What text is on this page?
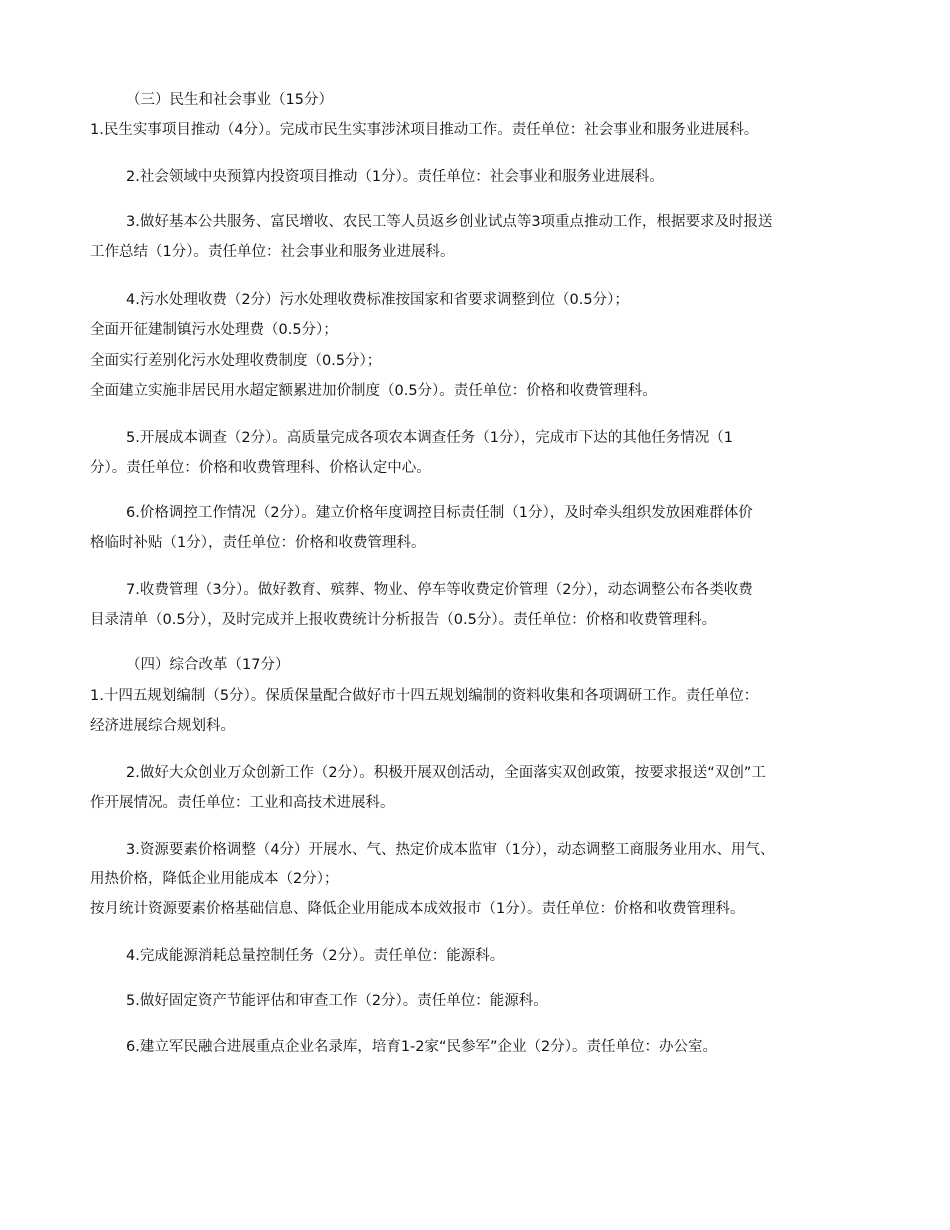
（三）民生和社会事业（15分）
1.民生实事项目推动（4分）。完成市民生实事涉沭项目推动工作。责任单位：社会事业和服务业进展科。
2.社会领域中央预算内投资项目推动（1分）。责任单位：社会事业和服务业进展科。
3.做好基本公共服务、富民增收、农民工等人员返乡创业试点等3项重点推动工作，根据要求及时报送
工作总结（1分）。责任单位：社会事业和服务业进展科。
4.污水处理收费（2分）污水处理收费标准按国家和省要求调整到位（0.5分）；
全面开征建制镇污水处理费（0.5分）；
全面实行差别化污水处理收费制度（0.5分）；
全面建立实施非居民用水超定额累进加价制度（0.5分）。责任单位：价格和收费管理科。
5.开展成本调查（2分）。高质量完成各项农本调查任务（1分），完成市下达的其他任务情况（1
分）。责任单位：价格和收费管理科、价格认定中心。
6.价格调控工作情况（2分）。建立价格年度调控目标责任制（1分），及时牵头组织发放困难群体价
格临时补贴（1分），责任单位：价格和收费管理科。
7.收费管理（3分）。做好教育、殡葬、物业、停车等收费定价管理（2分），动态调整公布各类收费
目录清单（0.5分），及时完成并上报收费统计分析报告（0.5分）。责任单位：价格和收费管理科。
（四）综合改革（17分）
1.十四五规划编制（5分）。保质保量配合做好市十四五规划编制的资料收集和各项调研工作。责任单位：
经济进展综合规划科。
2.做好大众创业万众创新工作（2分）。积极开展双创活动，全面落实双创政策，按要求报送“双创”工
作开展情况。责任单位：工业和高技术进展科。
3.资源要素价格调整（4分）开展水、气、热定价成本监审（1分），动态调整工商服务业用水、用气、
用热价格，降低企业用能成本（2分）；
按月统计资源要素价格基础信息、降低企业用能成本成效报市（1分）。责任单位：价格和收费管理科。
4.完成能源消耗总量控制任务（2分）。责任单位：能源科。
5.做好固定资产节能评估和审查工作（2分）。责任单位：能源科。
6.建立军民融合进展重点企业名录库，培育1-2家“民参军”企业（2分）。责任单位：办公室。
